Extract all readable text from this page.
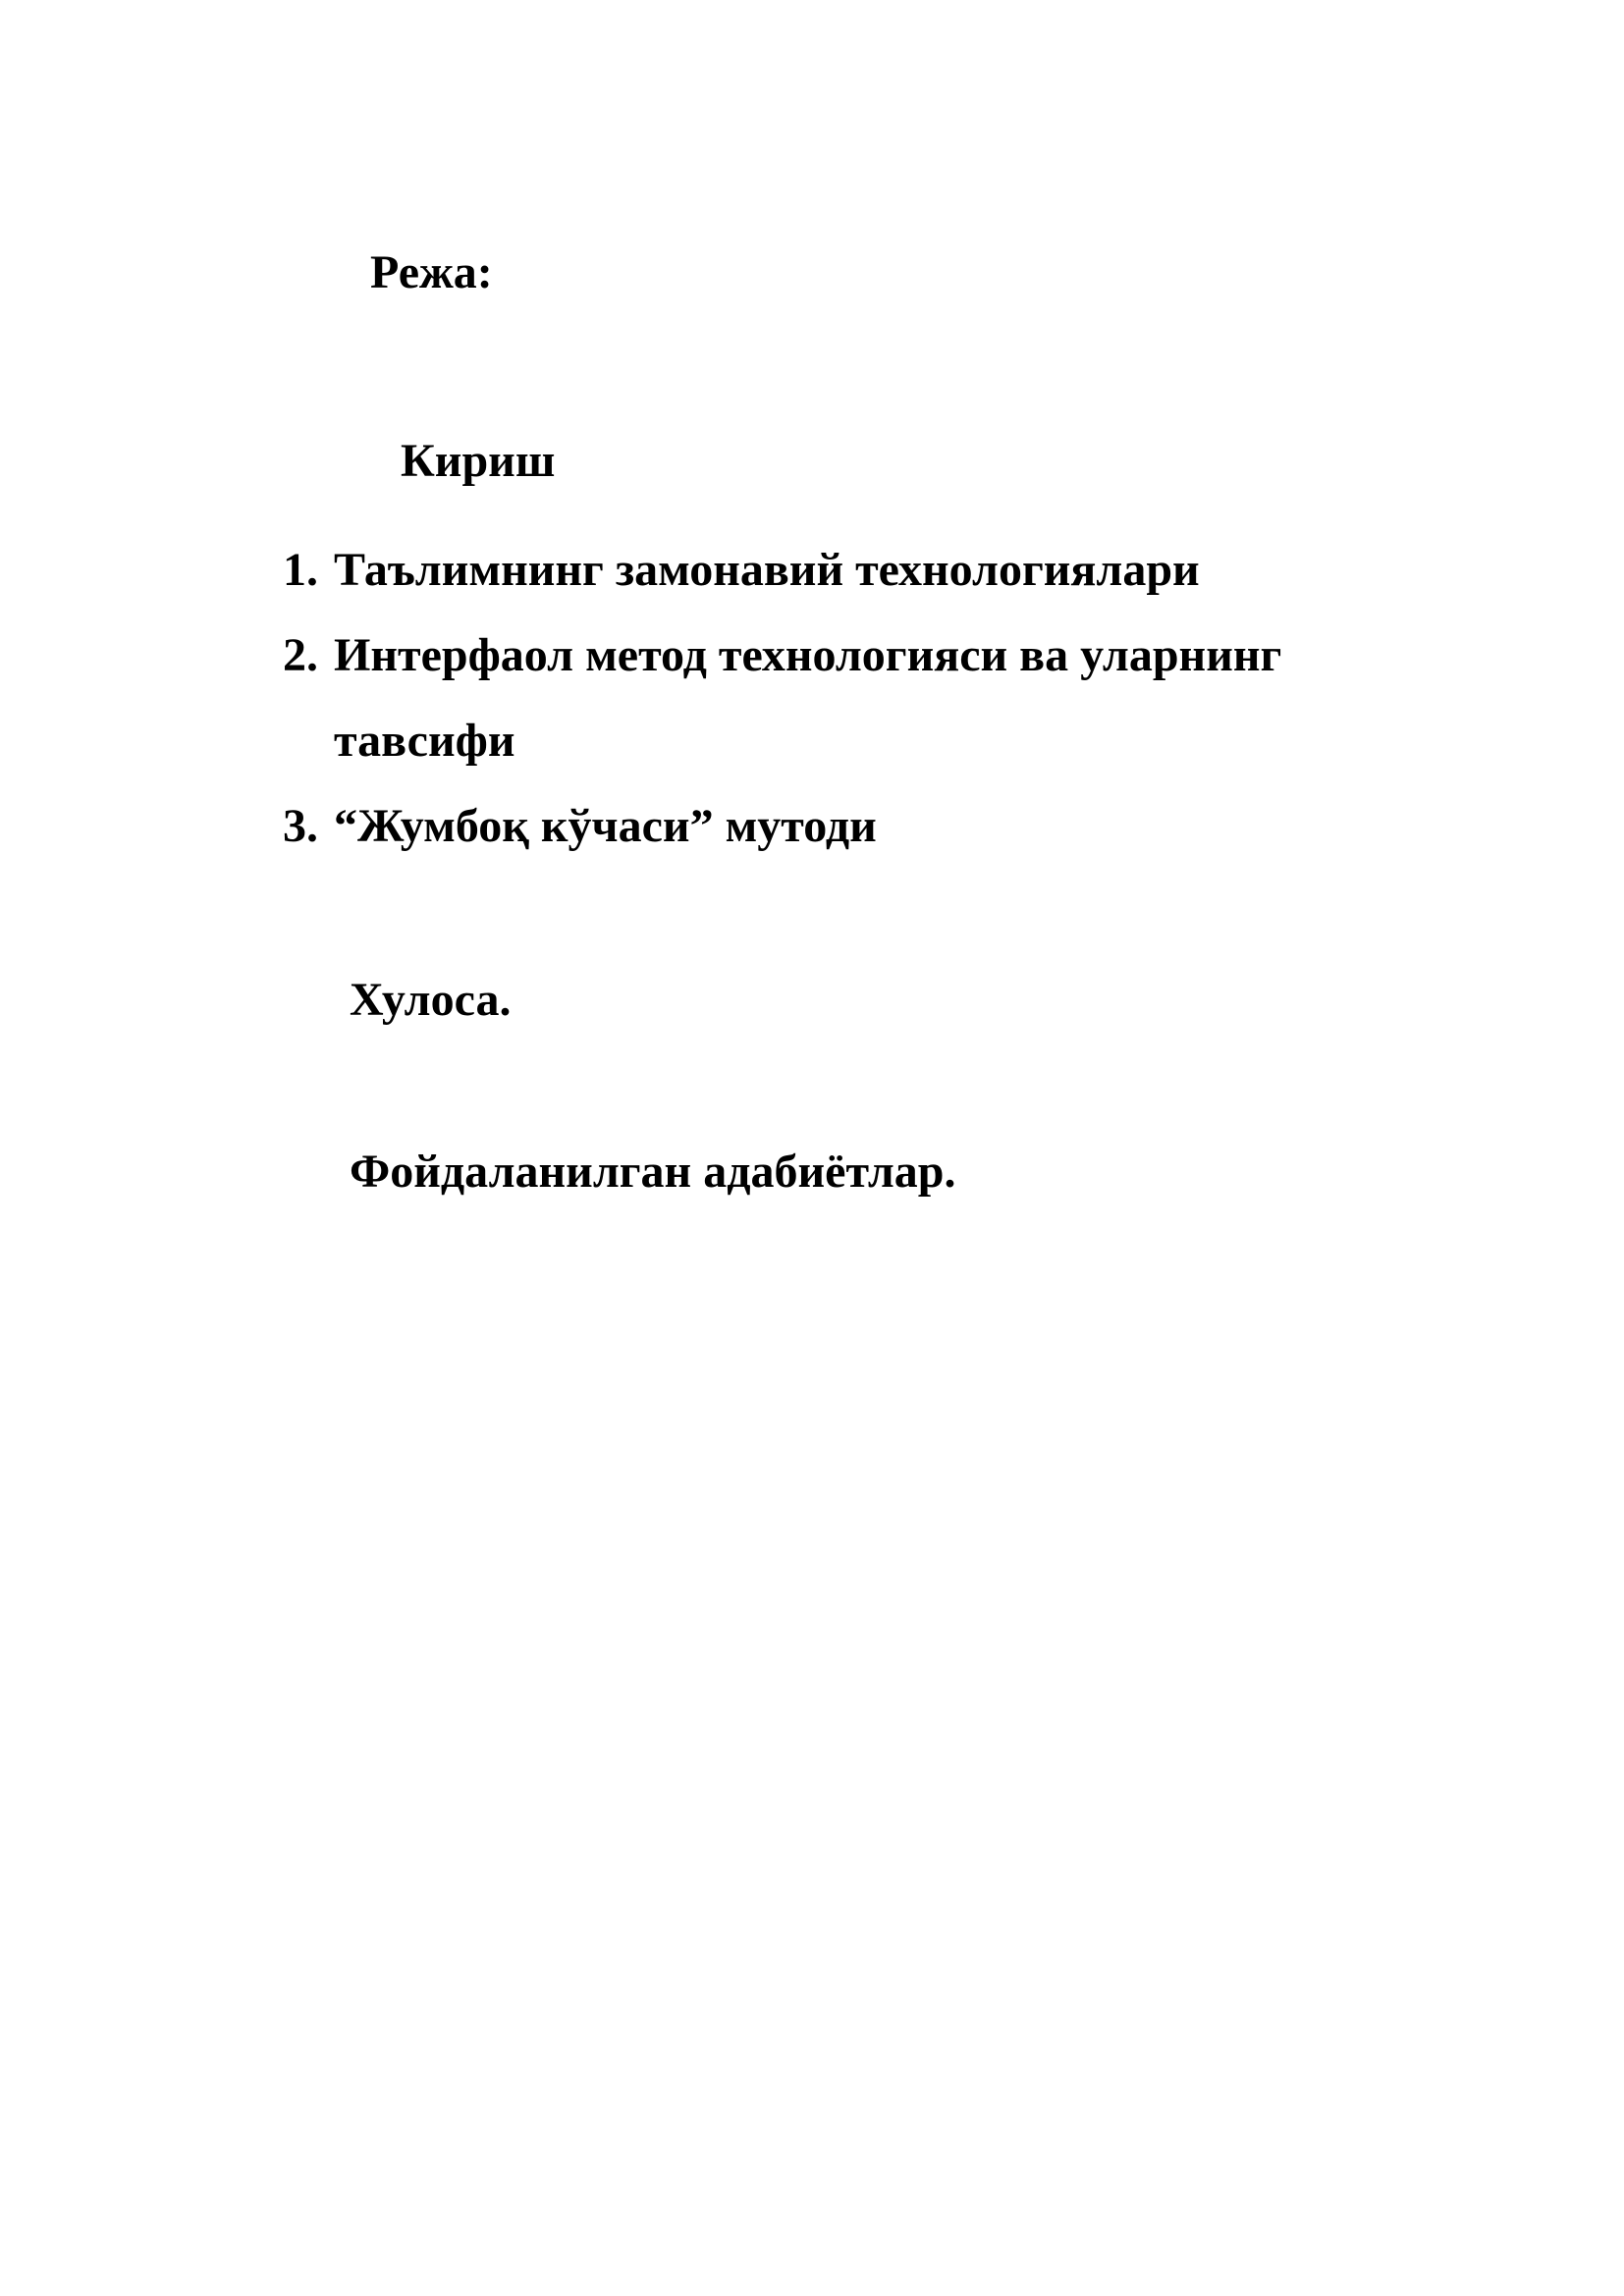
Режа:

Кириш

1. Таълимнинг замонавий технологиялари

2. Интерфаол метод технологияси ва уларнинг

тавсифи

3. “Жумбоқ кўчаси” мутоди

Хулоса.

Фойдаланилган адабиётлар.
